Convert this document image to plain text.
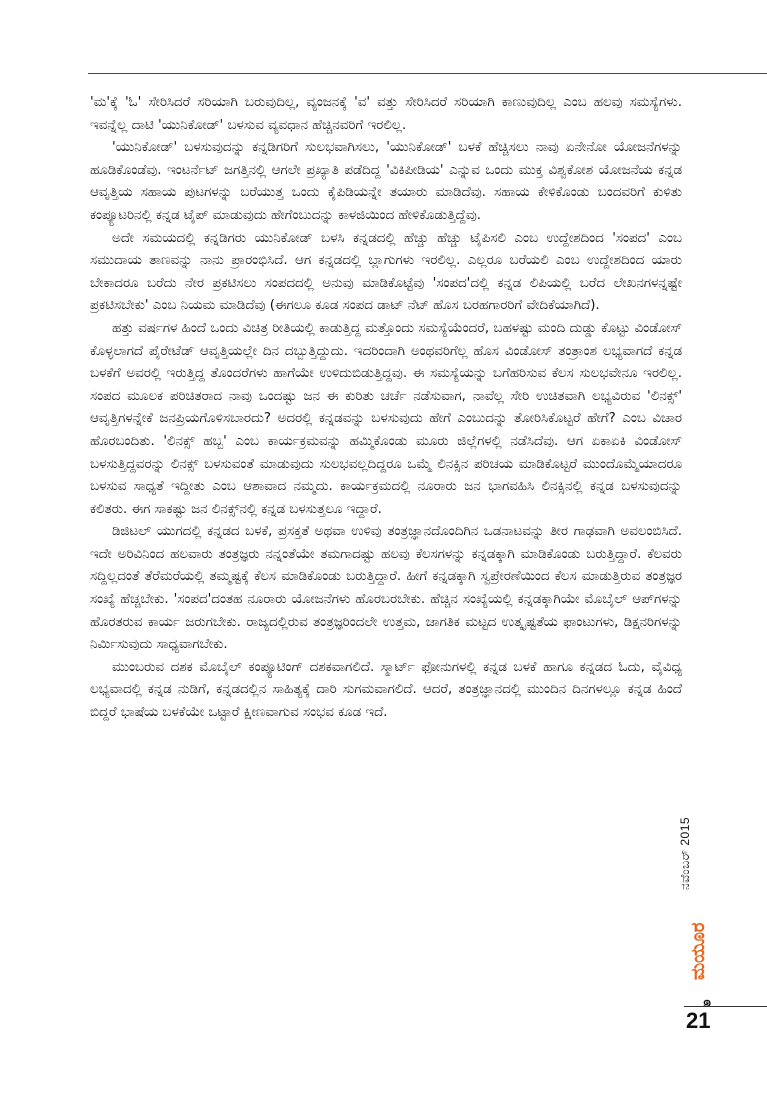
'ಮ'ಕ್ಕೆ 'ಓ' ಸೇರಿಸಿದರೆ ಸರಿಯಾಗಿ ಬರುವುದಿಲ್ಲ, ವ್ಯಂಜನಕ್ಕೆ 'ವ' ವತ್ತು ಸೇರಿಸಿದರೆ ಸರಿಯಾಗಿ ಕಾಣುವುದಿಲ್ಲ ಎಂಬ ಹಲವು ಸಮಸ್ಯೆಗಳು. ಇವನ್ನೆಲ್ಲ ದಾಟಿ 'ಯುನಿಕೋಡ್' ಬಳಸುವ ವ್ಯವಧಾನ ಹೆಚ್ಚಿನವರಿಗೆ ಇರಲಿಲ್ಲ.

'ಯುನಿಕೋಡ್' ಬಳಸುವುದನ್ನು ಕನ್ನಡಿಗರಿಗೆ ಸುಲಭವಾಗಿಸಲು, 'ಯುನಿಕೋಡ್' ಬಳಕೆ ಹೆಚ್ಚಿಸಲು ನಾವು ಏನೇನೋ ಯೋಜನೆಗಳನ್ನು ಹೂಡಿಕೊಂಡೆವು. ಇಂಟರ್ನೆಟ್ ಜಗತ್ತಿನಲ್ಲಿ ಆಗಲೇ ಪ್ರಖ್ಯಾತಿ ಪಡೆದಿದ್ದ 'ವಿಕಿಪೀಡಿಯ' ಎನ್ನುವ ಒಂದು ಮುಕ್ತ ವಿಶ್ವಕೋಶ ಯೋಜನೆಯ ಕನ್ನಡ ಆವೃತ್ತಿಯ ಸಹಾಯ ಪುಟಗಳನ್ನು ಬರೆಯುತ್ತ ಒಂದು ಕೈಪಿಡಿಯನ್ನೇ ತಯಾರು ಮಾಡಿದೆವು. ಸಹಾಯ ಕೇಳಿಕೊಂಡು ಬಂದವರಿಗೆ ಕುಳಿತು ಕಂಪ್ಯೂಟರಿನಲ್ಲಿ ಕನ್ನಡ ಟೈಪ್ ಮಾಡುವುದು ಹೇಗೆಂಬುದನ್ನು ಕಾಳಜಿಯಿಂದ ಹೇಳಿಕೊಡುತ್ತಿದ್ದೆವು.

ಅದೇ ಸಮಯದಲ್ಲಿ ಕನ್ನಡಿಗರು ಯುನಿಕೋಡ್ ಬಳಸಿ ಕನ್ನಡದಲ್ಲಿ ಹೆಚ್ಚು ಹೆಚ್ಚು ಟೈಪಿಸಲಿ ಎಂಬ ಉದ್ದೇಶದಿಂದ 'ಸಂಪದ' ಎಂಬ ಸಮುದಾಯ ತಾಣವನ್ನು ನಾನು ಪ್ರಾರಂಭಿಸಿದೆ. ಆಗ ಕನ್ನಡದಲ್ಲಿ ಬ್ಲಾಗುಗಳು ಇರಲಿಲ್ಲ. ಎಲ್ಲರೂ ಬರೆಯಲಿ ಎಂಬ ಉದ್ದೇಶದಿಂದ ಯಾರು ಬೇಕಾದರೂ ಬರೆದು ನೇರ ಪ್ರಕಟಿಸಲು ಸಂಪದದಲ್ಲಿ ಅನುವು ಮಾಡಿಕೊಟ್ಟೆವು 'ಸಂಪದ'ದಲ್ಲಿ ಕನ್ನಡ ಲಿಪಿಯಲ್ಲಿ ಬರೆದ ಲೇಖನಗಳನ್ನಷ್ಟೇ ಪ್ರಕಟಿಸಬೇಕು' ಎಂಬ ನಿಯಮ ಮಾಡಿದೆವು (ಈಗಲೂ ಕೂಡ ಸಂಪದ ಡಾಟ್ ನೆಟ್ ಹೊಸ ಬರಹಗಾರರಿಗೆ ವೇದಿಕೆಯಾಗಿದೆ).

ಹತ್ತು ವರ್ಷಗಳ ಹಿಂದೆ ಒಂದು ವಿಚಿತ್ರ ರೀತಿಯಲ್ಲಿ ಕಾಡುತ್ತಿದ್ದ ಮತ್ತೊಂದು ಸಮಸ್ಯೆಯೆಂದರೆ, ಬಹಳಷ್ಟು ಮಂದಿ ದುಡ್ಡು ಕೊಟ್ಟು ವಿಂಡೋಸ್ ಕೊಳ್ಳಲಾಗದೆ ಪೈರೇಟೆಡ್ ಆವೃತ್ತಿಯಲ್ಲೇ ದಿನ ದಬ್ಬುತ್ತಿದ್ದುದು. ಇದರಿಂದಾಗಿ ಅಂಥವರಿಗೆಲ್ಲ ಹೊಸ ವಿಂಡೋಸ್ ತಂತ್ರಾಂಶ ಲಭ್ಯವಾಗದೆ ಕನ್ನಡ ಬಳಕೆಗೆ ಅವರಲ್ಲಿ ಇರುತ್ತಿದ್ದ ತೊಂದರೆಗಳು ಹಾಗೆಯೇ ಉಳಿದುಬಿಡುತ್ತಿದ್ದವು. ಈ ಸಮಸ್ಯೆಯನ್ನು ಬಗೆಹರಿಸುವ ಕೆಲಸ ಸುಲಭವೇನೂ ಇರಲಿಲ್ಲ. ಸಂಪದ ಮೂಲಕ ಪರಿಚಿತರಾದ ನಾವು ಒಂದಷ್ಟು ಜನ ಈ ಕುರಿತು ಚರ್ಚೆ ನಡೆಸುವಾಗ, ನಾವೆಲ್ಲ ಸೇರಿ ಉಚಿತವಾಗಿ ಲಭ್ಯವಿರುವ 'ಲಿನಕ್ಸ್' ಆವೃತ್ತಿಗಳನ್ನೇಕೆ ಜನಪ್ರಿಯಗೊಳಿಸಬಾರದು? ಅದರಲ್ಲಿ ಕನ್ನಡವನ್ನು ಬಳಸುವುದು ಹೇಗೆ ಎಂಬುದನ್ನು ತೋರಿಸಿಕೊಟ್ಟರೆ ಹೇಗೆ? ಎಂಬ ವಿಚಾರ ಹೊರಬಂದಿತು. 'ಲಿನಕ್ಸ್ ಹಬ್ಬ' ಎಂಬ ಕಾರ್ಯಕ್ರಮವನ್ನು ಹಮ್ಮಿಕೊಂಡು ಮೂರು ಜಿಲ್ಲೆಗಳಲ್ಲಿ ನಡೆಸಿದೆವು. ಆಗ ಏಕಾಏಕಿ ವಿಂಡೋಸ್ ಬಳಸುತ್ತಿದ್ದವರನ್ನು ಲಿನಕ್ಸ್ ಬಳಸುವಂತೆ ಮಾಡುವುದು ಸುಲಭವಲ್ಲದಿದ್ದರೂ ಒಮ್ಮೆ ಲಿನಕ್ಸಿನ ಪರಿಚಯ ಮಾಡಿಕೊಟ್ಟರೆ ಮುಂದೊಮ್ಮೆಯಾದರೂ ಬಳಸುವ ಸಾಧ್ಯತೆ ಇದ್ದೀತು ಎಂಬ ಆಶಾವಾದ ನಮ್ಮದು. ಕಾರ್ಯಕ್ರಮದಲ್ಲಿ ನೂರಾರು ಜನ ಭಾಗವಹಿಸಿ ಲಿನಕ್ಸಿನಲ್ಲಿ ಕನ್ನಡ ಬಳಸುವುದನ್ನು ಕಲಿತರು. ಈಗ ಸಾಕಷ್ಟು ಜನ ಲಿನಕ್ಸ್‌ನಲ್ಲಿ ಕನ್ನಡ ಬಳಸುತ್ತಲೂ ಇದ್ದಾರೆ.

ಡಿಜಿಟಲ್ ಯುಗದಲ್ಲಿ ಕನ್ನಡದ ಬಳಕೆ, ಪ್ರಸಕ್ತತೆ ಅಥವಾ ಉಳಿವು ತಂತ್ರಜ್ಞಾನದೊಂದಿಗಿನ ಒಡನಾಟವನ್ನು ತೀರ ಗಾಢವಾಗಿ ಅವಲಂಬಿಸಿದೆ. ಇದೇ ಅರಿವಿನಿಂದ ಹಲವಾರು ತಂತ್ರಜ್ಞರು ನನ್ನಂತೆಯೇ ತಮಗಾದಷ್ಟು ಹಲವು ಕೆಲಸಗಳನ್ನು ಕನ್ನಡಕ್ಕಾಗಿ ಮಾಡಿಕೊಂಡು ಬರುತ್ತಿದ್ದಾರೆ. ಕೆಲವರು ಸದ್ದಿಲ್ಲದಂತೆ ತೆರೆಮರೆಯಲ್ಲಿ ತಮ್ಮಷ್ಟಕ್ಕೆ ಕೆಲಸ ಮಾಡಿಕೊಂಡು ಬರುತ್ತಿದ್ದಾರೆ. ಹೀಗೆ ಕನ್ನಡಕ್ಕಾಗಿ ಸ್ವಪ್ರೇರಣೆಯಿಂದ ಕೆಲಸ ಮಾಡುತ್ತಿರುವ ತಂತ್ರಜ್ಞರ ಸಂಖ್ಯೆ ಹೆಚ್ಚಬೇಕು. 'ಸಂಪದ'ದಂತಹ ನೂರಾರು ಯೋಜನೆಗಳು ಹೊರಬರಬೇಕು. ಹೆಚ್ಚಿನ ಸಂಖ್ಯೆಯಲ್ಲಿ ಕನ್ನಡಕ್ಕಾಗಿಯೇ ಮೊಬೈಲ್ ಆಪ್‌ಗಳನ್ನು ಹೊರತರುವ ಕಾರ್ಯ ಜರುಗಬೇಕು. ರಾಜ್ಯದಲ್ಲಿರುವ ತಂತ್ರಜ್ಞರಿಂದಲೇ ಉತ್ತಮ, ಜಾಗತಿಕ ಮಟ್ಟದ ಉತ್ಕೃಷ್ಟತೆಯ ಫಾಂಟುಗಳು, ಡಿಕ್ಷನರಿಗಳನ್ನು ನಿರ್ಮಿಸುವುದು ಸಾಧ್ಯವಾಗಬೇಕು.

ಮುಂಬರುವ ದಶಕ ಮೊಬೈಲ್ ಕಂಪ್ಯೂಟಿಂಗ್ ದಶಕವಾಗಲಿದೆ. ಸ್ಮಾರ್ಟ್ ಫೋನುಗಳಲ್ಲಿ ಕನ್ನಡ ಬಳಕೆ ಹಾಗೂ ಕನ್ನಡದ ಓದು, ವೈವಿಧ್ಯ ಲಭ್ಯವಾದಲ್ಲಿ ಕನ್ನಡ ನುಡಿಗೆ, ಕನ್ನಡದಲ್ಲಿನ ಸಾಹಿತ್ಯಕ್ಕೆ ದಾರಿ ಸುಗಮವಾಗಲಿದೆ. ಆದರೆ, ತಂತ್ರಜ್ಞಾನದಲ್ಲಿ ಮುಂದಿನ ದಿನಗಳಲ್ಲೂ ಕನ್ನಡ ಹಿಂದೆ ಬಿದ್ದರೆ ಭಾಷೆಯ ಬಳಕೆಯೇ ಒಟ್ಟಾರೆ ಕ್ಷೀಣವಾಗುವ ಸಂಭವ ಕೂಡ ಇದೆ.

ನವೆಂಬರ್ 2015
ಮಯೂರ
๑
21
